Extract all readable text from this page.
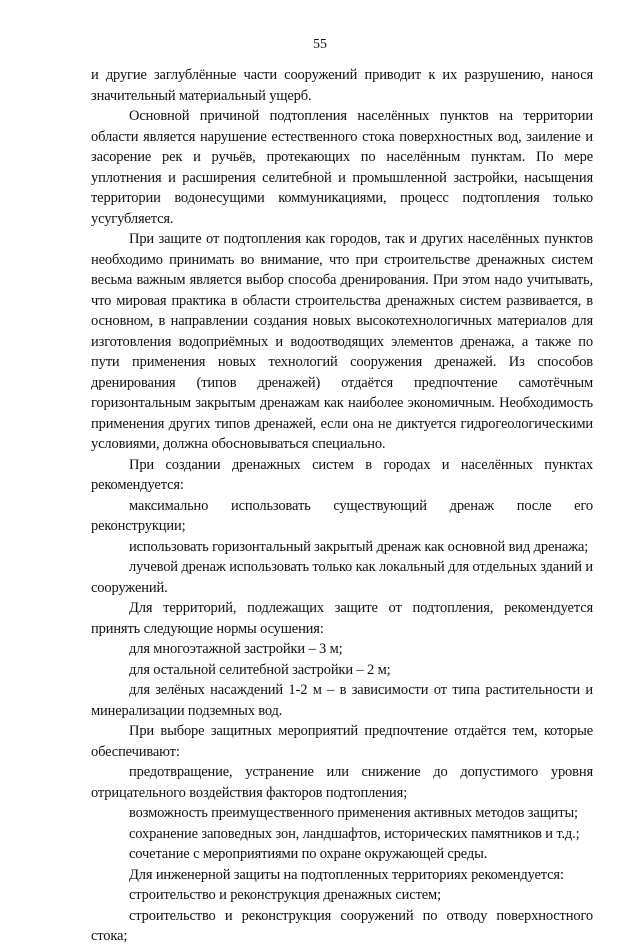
55

и другие заглублённые части сооружений приводит к их разрушению, нанося значительный материальный ущерб.

Основной причиной подтопления населённых пунктов на территории области является нарушение естественного стока поверхностных вод, заиление и засорение рек и ручьёв, протекающих по населённым пунктам. По мере уплотнения и расширения селитебной и промышленной застройки, насыщения территории водонесущими коммуникациями, процесс подтопления только усугубляется.

При защите от подтопления как городов, так и других населённых пунктов необходимо принимать во внимание, что при строительстве дренажных систем весьма важным является выбор способа дренирования. При этом надо учитывать, что мировая практика в области строительства дренажных систем развивается, в основном, в направлении создания новых высокотехнологичных материалов для изготовления водоприёмных и водоотводящих элементов дренажа, а также по пути применения новых технологий сооружения дренажей. Из способов дренирования (типов дренажей) отдаётся предпочтение самотёчным горизонтальным закрытым дренажам как наиболее экономичным. Необходимость применения других типов дренажей, если она не диктуется гидрогеологическими условиями, должна обосновываться специально.

При создании дренажных систем в городах и населённых пунктах рекомендуется:

максимально использовать существующий дренаж после его реконструкции;

использовать горизонтальный закрытый дренаж как основной вид дренажа;

лучевой дренаж использовать только как локальный для отдельных зданий и сооружений.

Для территорий, подлежащих защите от подтопления, рекомендуется принять следующие нормы осушения:

для многоэтажной застройки – 3 м;

для остальной селитебной застройки – 2 м;

для зелёных насаждений 1-2 м – в зависимости от типа растительности и минерализации подземных вод.

При выборе защитных мероприятий предпочтение отдаётся тем, которые обеспечивают:

предотвращение, устранение или снижение до допустимого уровня отрицательного воздействия факторов подтопления;

возможность преимущественного применения активных методов защиты;

сохранение заповедных зон, ландшафтов, исторических памятников и т.д.;

сочетание с мероприятиями по охране окружающей среды.

Для инженерной защиты на подтопленных территориях рекомендуется:

строительство и реконструкция дренажных систем;

строительство и реконструкция сооружений по отводу поверхностного стока;
